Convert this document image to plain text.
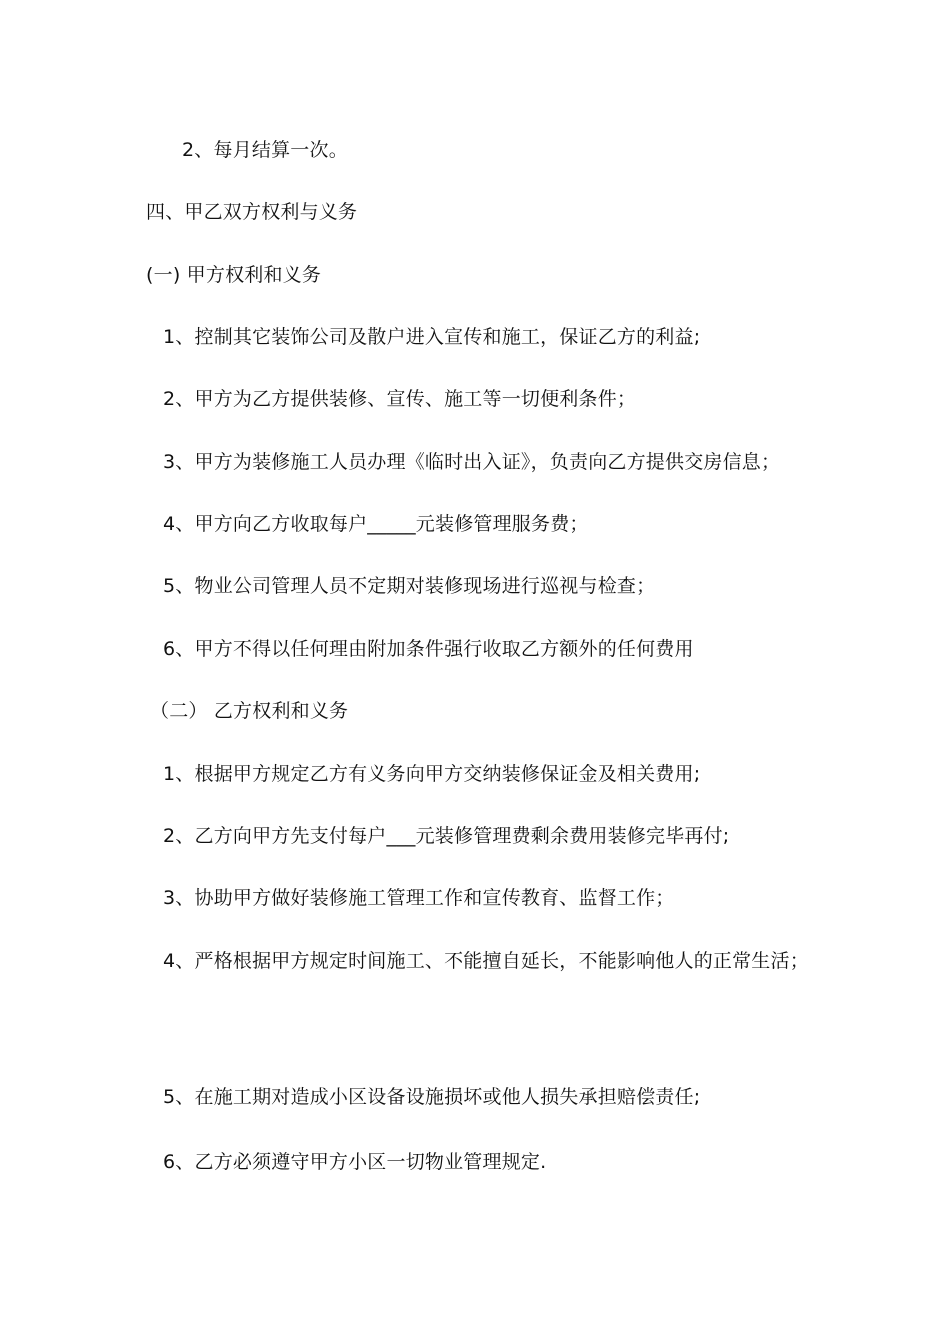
2、每月结算一次。
四、甲乙双方权利与义务
(一) 甲方权利和义务
1、控制其它装饰公司及散户进入宣传和施工，保证乙方的利益;
2、甲方为乙方提供装修、宣传、施工等一切便利条件；
3、甲方为装修施工人员办理《临时出入证》，负责向乙方提供交房信息；
4、甲方向乙方收取每户_____元装修管理服务费；
5、物业公司管理人员不定期对装修现场进行巡视与检查；
6、甲方不得以任何理由附加条件强行收取乙方额外的任何费用
（二） 乙方权利和义务
1、根据甲方规定乙方有义务向甲方交纳装修保证金及相关费用;
2、乙方向甲方先支付每户___元装修管理费剩余费用装修完毕再付;
3、协助甲方做好装修施工管理工作和宣传教育、监督工作；
4、严格根据甲方规定时间施工、不能擅自延长，不能影响他人的正常生活；
5、在施工期对造成小区设备设施损坏或他人损失承担赔偿责任;
6、乙方必须遵守甲方小区一切物业管理规定.
